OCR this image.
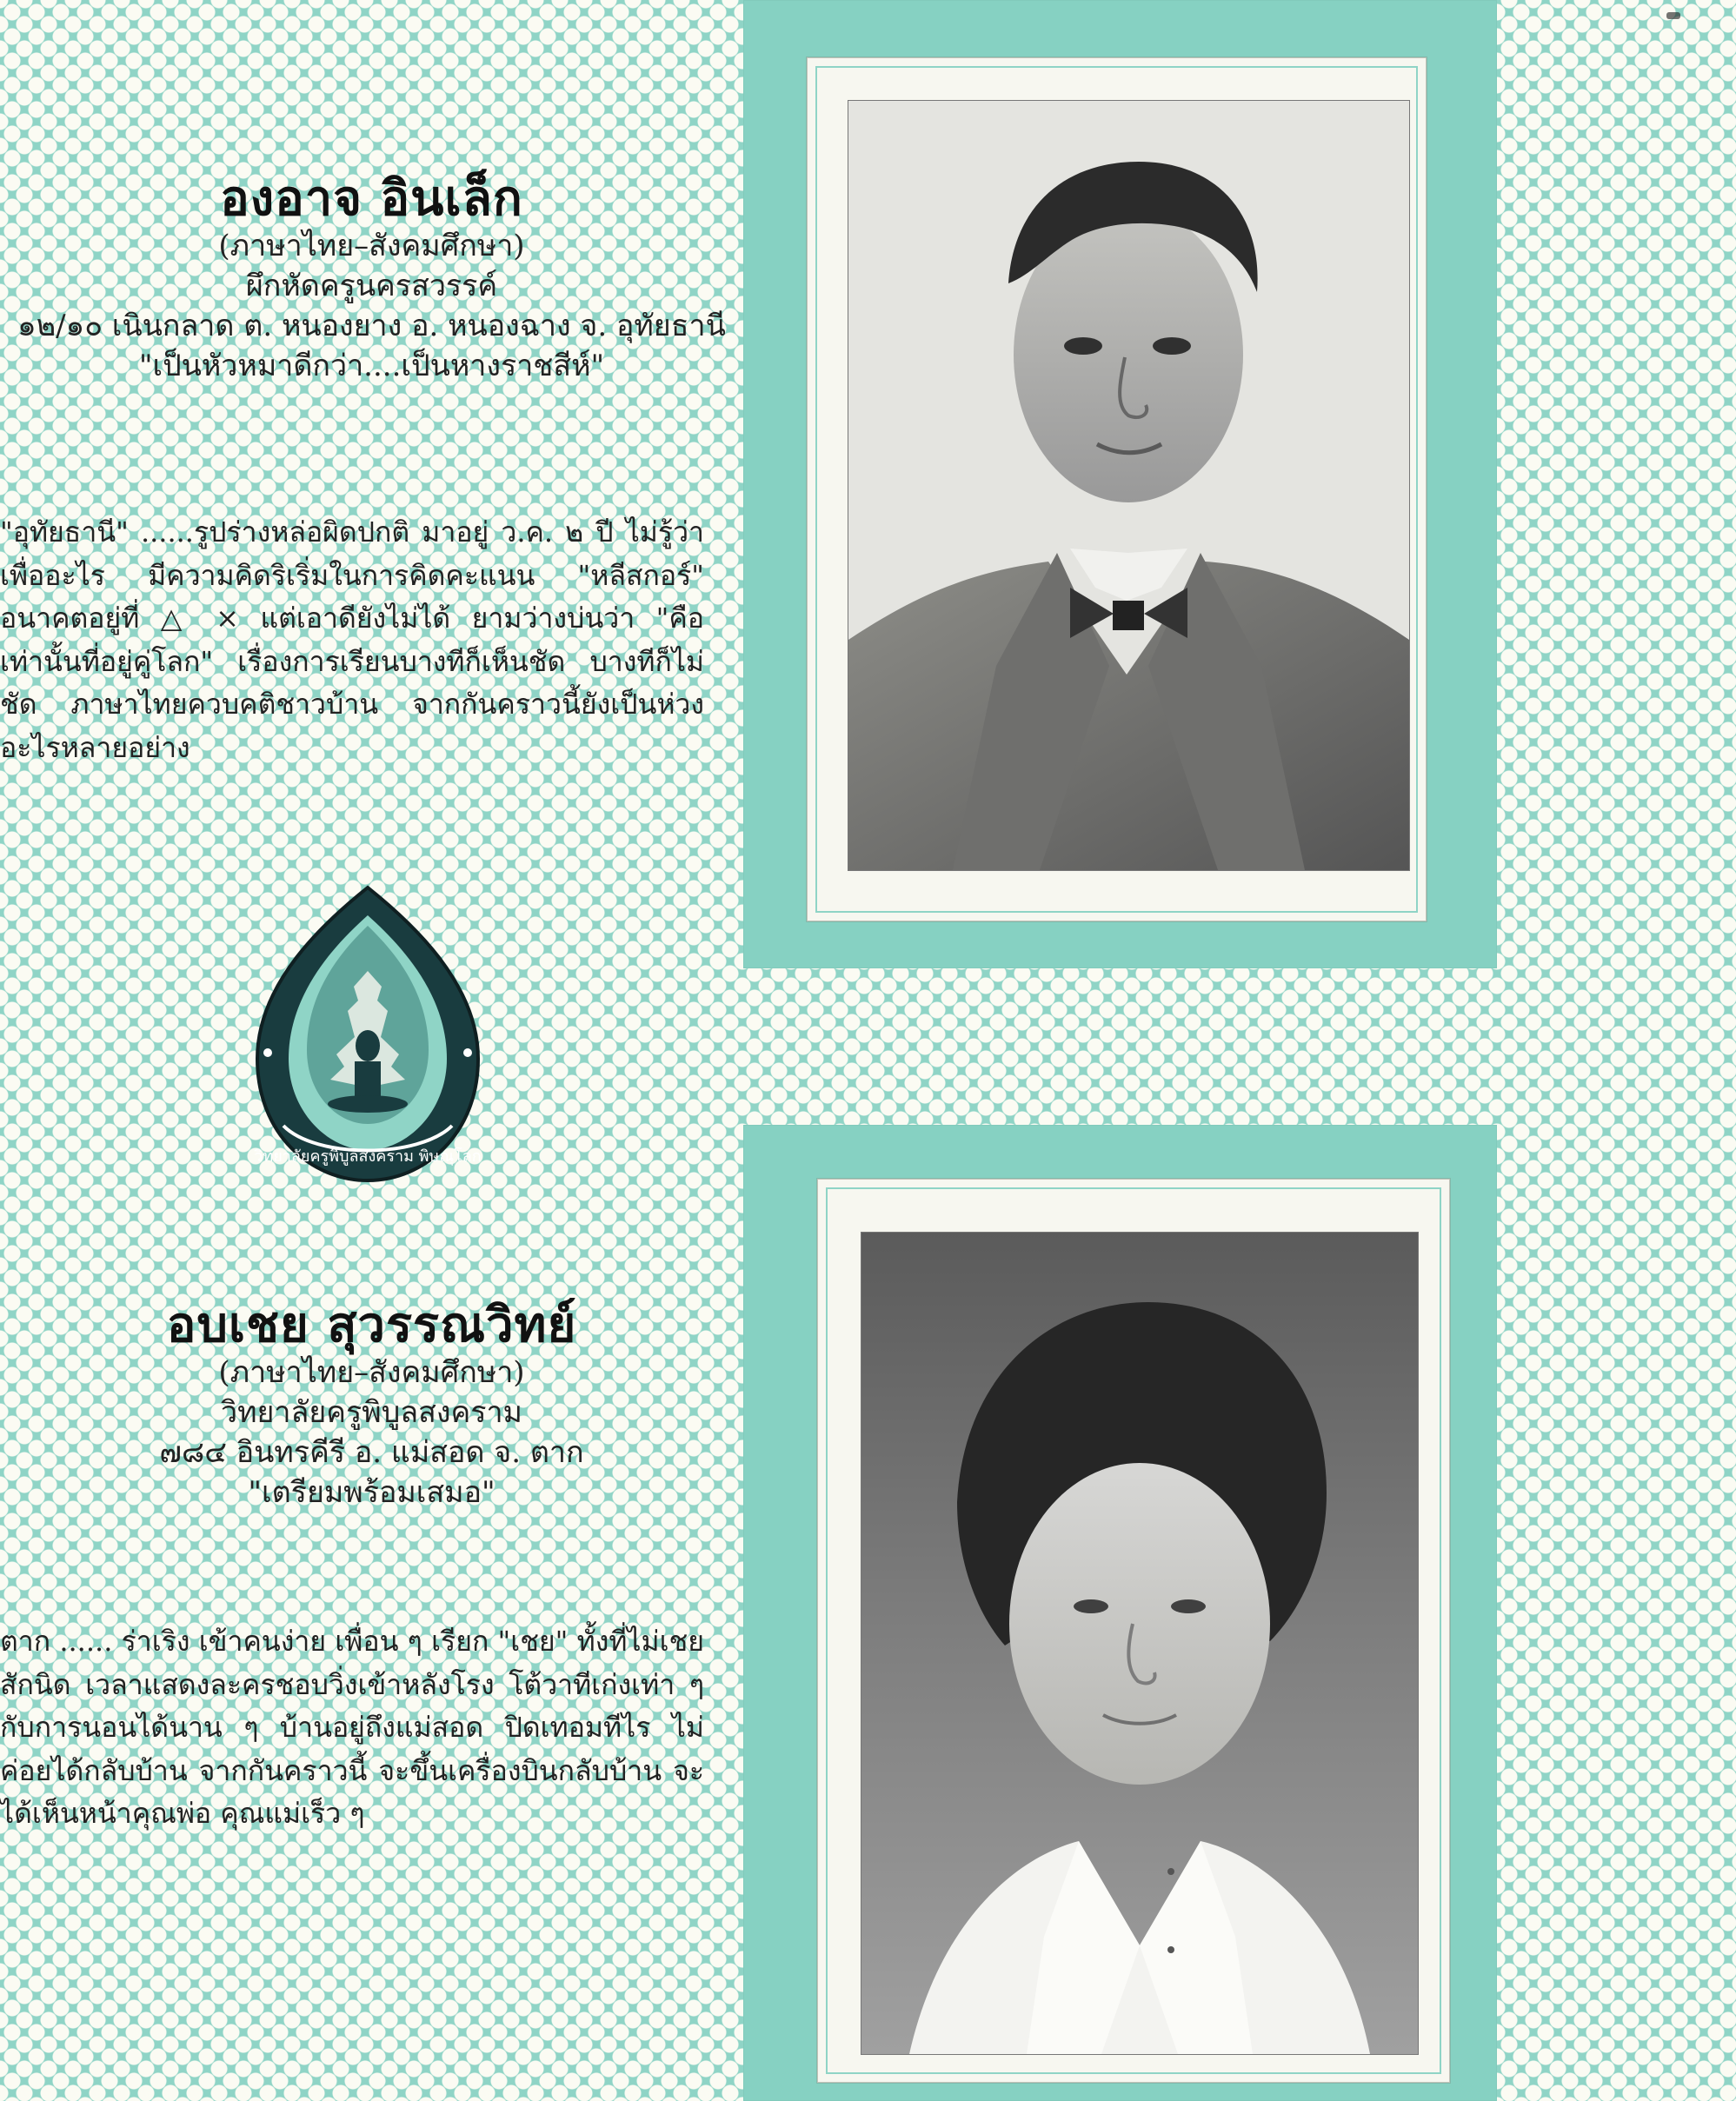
องอาจ อินเล็ก

(ภาษาไทย–สังคมศึกษา)

ผึกหัดครูนครสวรรค์

๑๒/๑๐ เนินกลาด ต. หนองยาง อ. หนองฉาง จ. อุทัยธานี

"เป็นหัวหมาดีกว่า....เป็นหางราชสีห์"

"อุทัยธานี" ......รูปร่างหล่อผิดปกติ มาอยู่ ว.ค. ๒ ปี ไม่รู้ว่าเพื่ออะไร มีความคิดริเริ่มในการคิดคะแนน "หลีสกอร์" อนาคตอยู่ที่ △ × แต่เอาดียังไม่ได้ ยามว่างบ่นว่า "คือเท่านั้นที่อยู่คู่โลก" เรื่องการเรียนบางทีก็เห็นชัด บางทีก็ไม่ชัด ภาษาไทยควบคติชาวบ้าน จากกันคราวนี้ยังเป็นห่วงอะไรหลายอย่าง

วิทยาลัยครูพิบูลสงคราม พิษณุโลก
อบเชย สุวรรณวิทย์

(ภาษาไทย–สังคมศึกษา)

วิทยาลัยครูพิบูลสงคราม

๗๘๔ อินทรคีรี อ. แม่สอด จ. ตาก

"เตรียมพร้อมเสมอ"

ตาก ...... ร่าเริง เข้าคนง่าย เพื่อน ๆ เรียก "เชย" ทั้งที่ไม่เชยสักนิด เวลาแสดงละครชอบวิ่งเข้าหลังโรง โต้วาทีเก่งเท่า ๆ กับการนอนได้นาน ๆ บ้านอยู่ถึงแม่สอด ปิดเทอมทีไร ไม่ค่อยได้กลับบ้าน จากกันคราวนี้ จะขึ้นเครื่องบินกลับบ้าน จะได้เห็นหน้าคุณพ่อ คุณแม่เร็ว ๆ
